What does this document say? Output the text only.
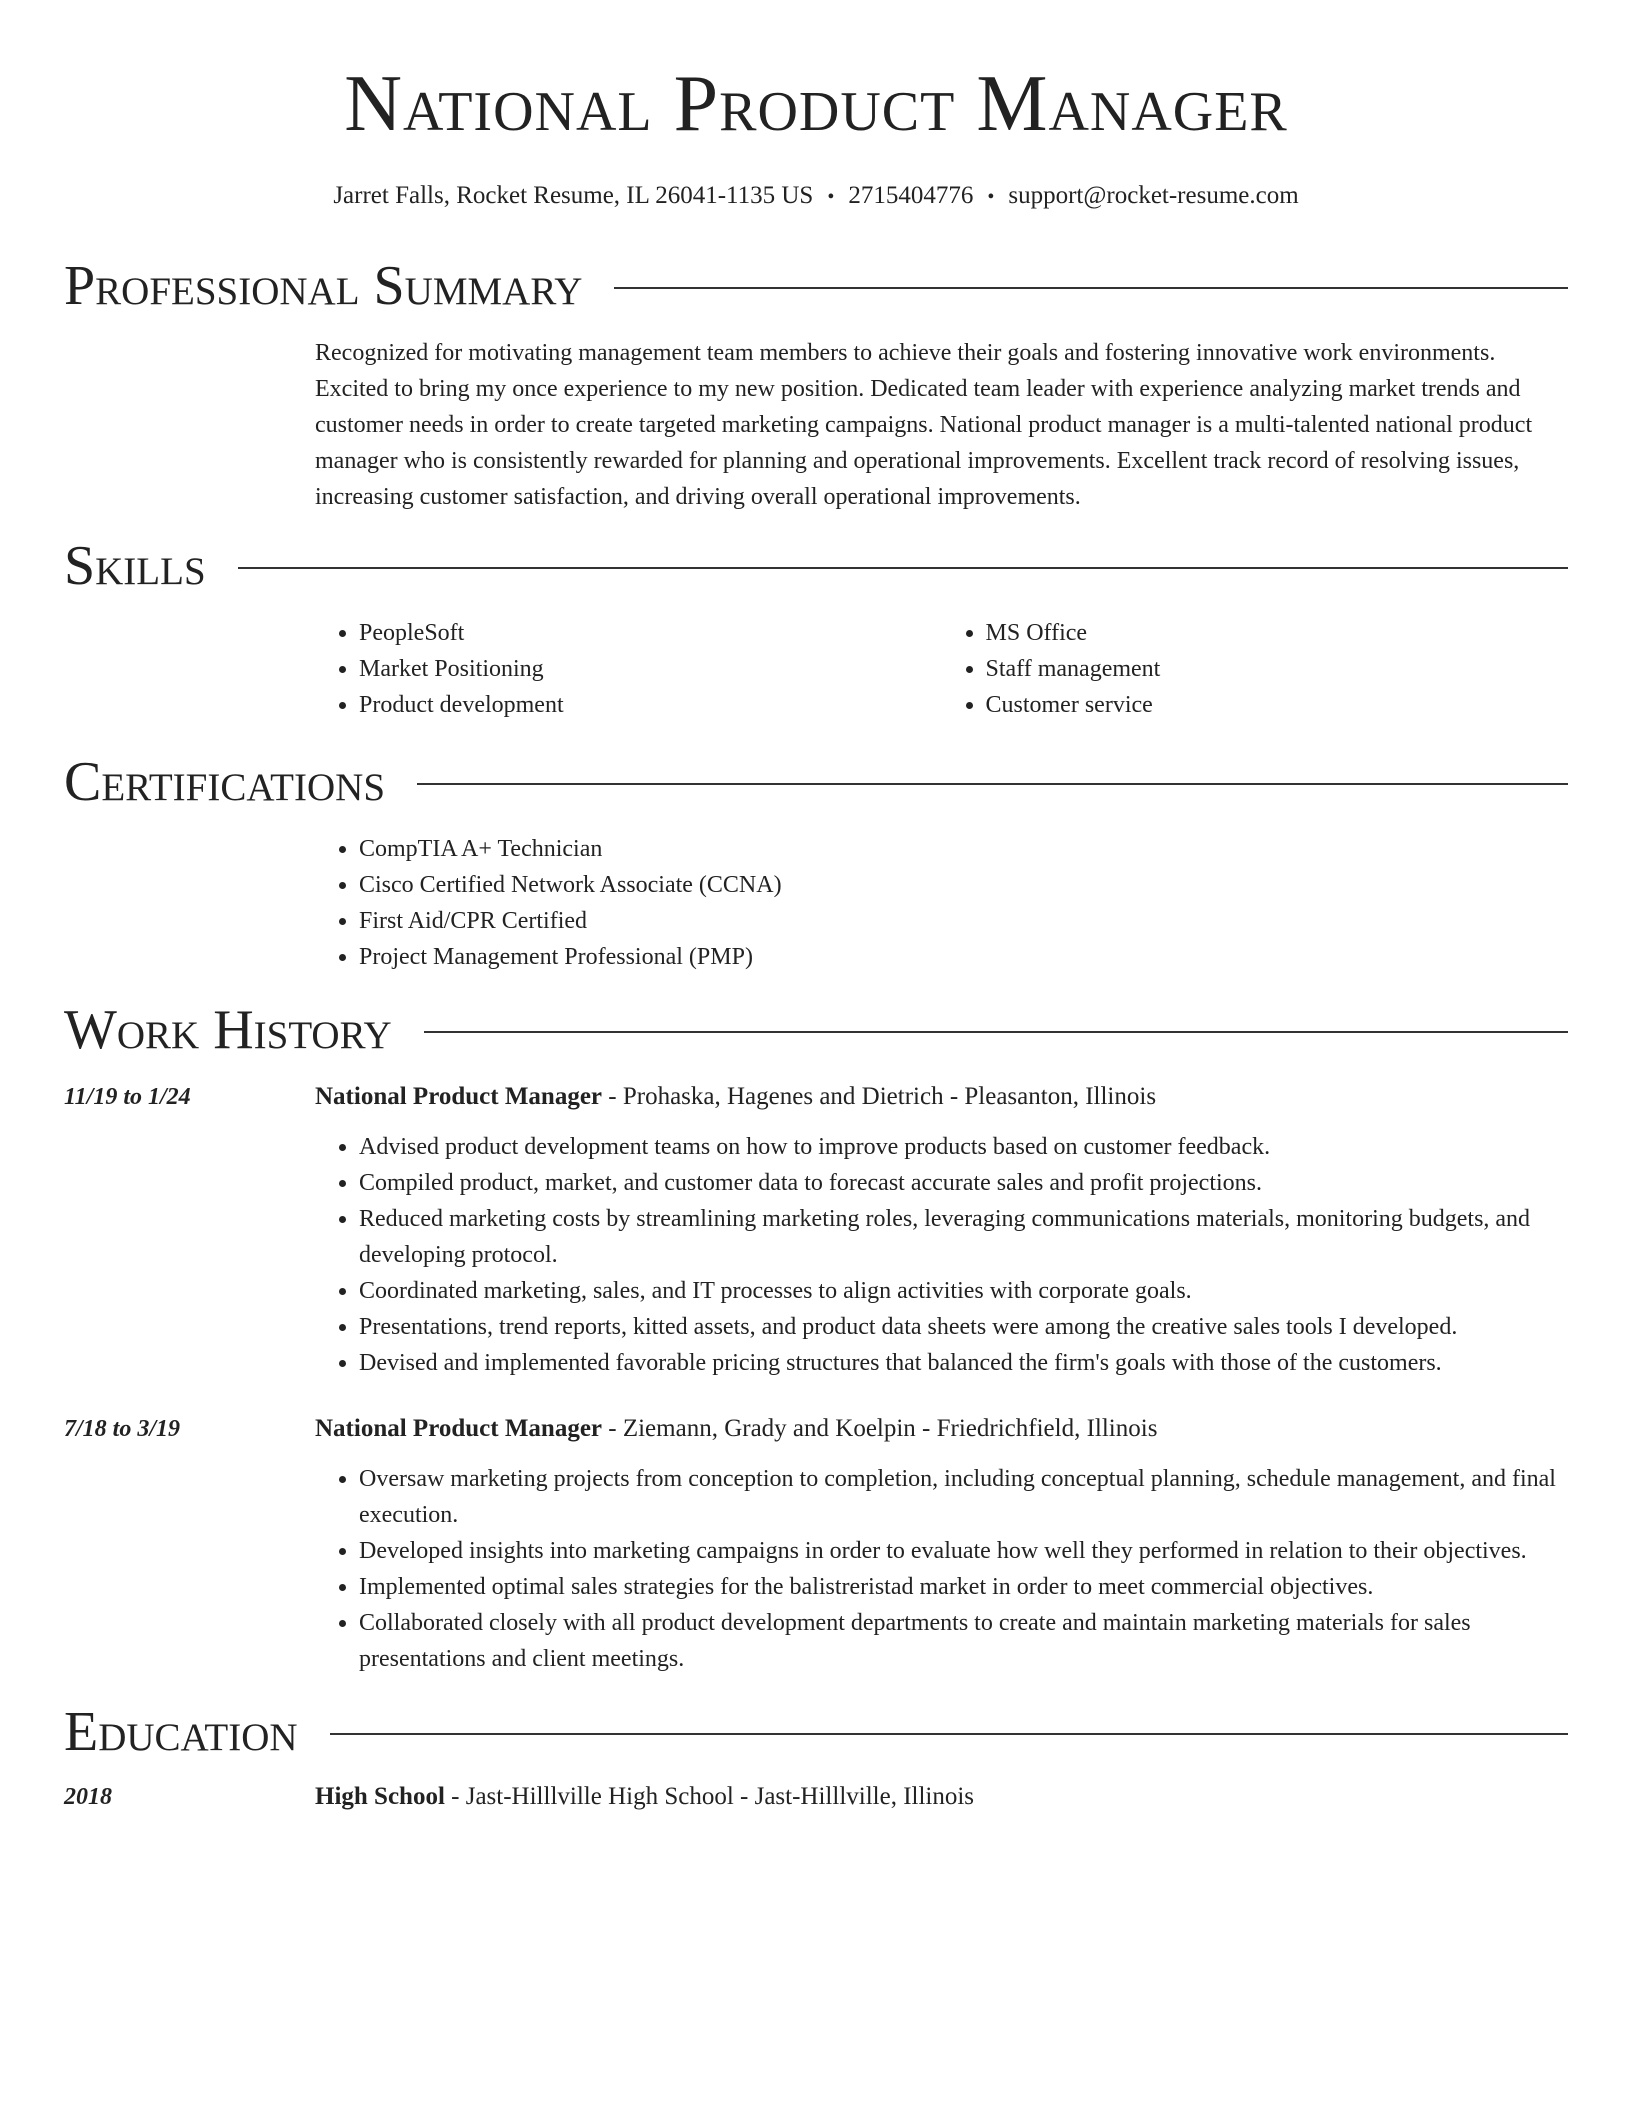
National Product Manager
Jarret Falls, Rocket Resume, IL 26041-1135 US • 2715404776 • support@rocket-resume.com
Professional Summary
Recognized for motivating management team members to achieve their goals and fostering innovative work environments. Excited to bring my once experience to my new position. Dedicated team leader with experience analyzing market trends and customer needs in order to create targeted marketing campaigns. National product manager is a multi-talented national product manager who is consistently rewarded for planning and operational improvements. Excellent track record of resolving issues, increasing customer satisfaction, and driving overall operational improvements.
Skills
• PeopleSoft
• Market Positioning
• Product development
• MS Office
• Staff management
• Customer service
Certifications
• CompTIA A+ Technician
• Cisco Certified Network Associate (CCNA)
• First Aid/CPR Certified
• Project Management Professional (PMP)
Work History
11/19 to 1/24	National Product Manager - Prohaska, Hagenes and Dietrich - Pleasanton, Illinois
• Advised product development teams on how to improve products based on customer feedback.
• Compiled product, market, and customer data to forecast accurate sales and profit projections.
• Reduced marketing costs by streamlining marketing roles, leveraging communications materials, monitoring budgets, and developing protocol.
• Coordinated marketing, sales, and IT processes to align activities with corporate goals.
• Presentations, trend reports, kitted assets, and product data sheets were among the creative sales tools I developed.
• Devised and implemented favorable pricing structures that balanced the firm's goals with those of the customers.
7/18 to 3/19	National Product Manager - Ziemann, Grady and Koelpin - Friedrichfield, Illinois
• Oversaw marketing projects from conception to completion, including conceptual planning, schedule management, and final execution.
• Developed insights into marketing campaigns in order to evaluate how well they performed in relation to their objectives.
• Implemented optimal sales strategies for the balistreristad market in order to meet commercial objectives.
• Collaborated closely with all product development departments to create and maintain marketing materials for sales presentations and client meetings.
Education
2018	High School - Jast-Hilllville High School - Jast-Hilllville, Illinois
